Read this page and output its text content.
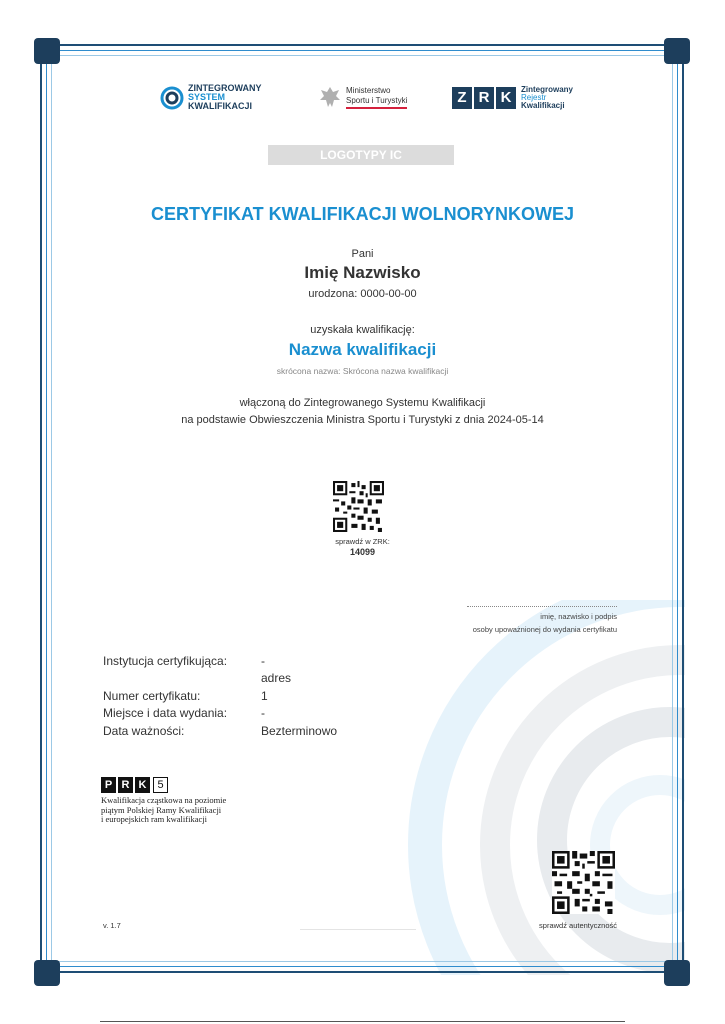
ZINTEGROWANY
SYSTEM
KWALIFIKACJI
Ministerstwo
Sportu i Turystyki	Z R K	Zintegrowany
Rejestr
Kwalifikacji
LOGOTYPY IC
CERTYFIKAT KWALIFIKACJI WOLNORYNKOWEJ
Pani
Imię Nazwisko
urodzona: 0000-00-00
uzyskała kwalifikację:
Nazwa kwalifikacji
skrócona nazwa: Skrócona nazwa kwalifikacji
włączoną do Zintegrowanego Systemu Kwalifikacji
na podstawie Obwieszczenia Ministra Sportu i Turystyki z dnia 2024-05-14
sprawdź w ZRK:
14099
imię, nazwisko i podpis
osoby upoważnionej do wydania certyfikatu
Instytucja certyfikująca:	-
adres
Numer certyfikatu:	1
Miejsce i data wydania:	-
Data ważności:	Bezterminowo
P R K 5
Kwalifikacja cząstkowa na poziomie
piątym Polskiej Ramy Kwalifikacji
i europejskich ram kwalifikacji
sprawdź autentyczność
v. 1.7
